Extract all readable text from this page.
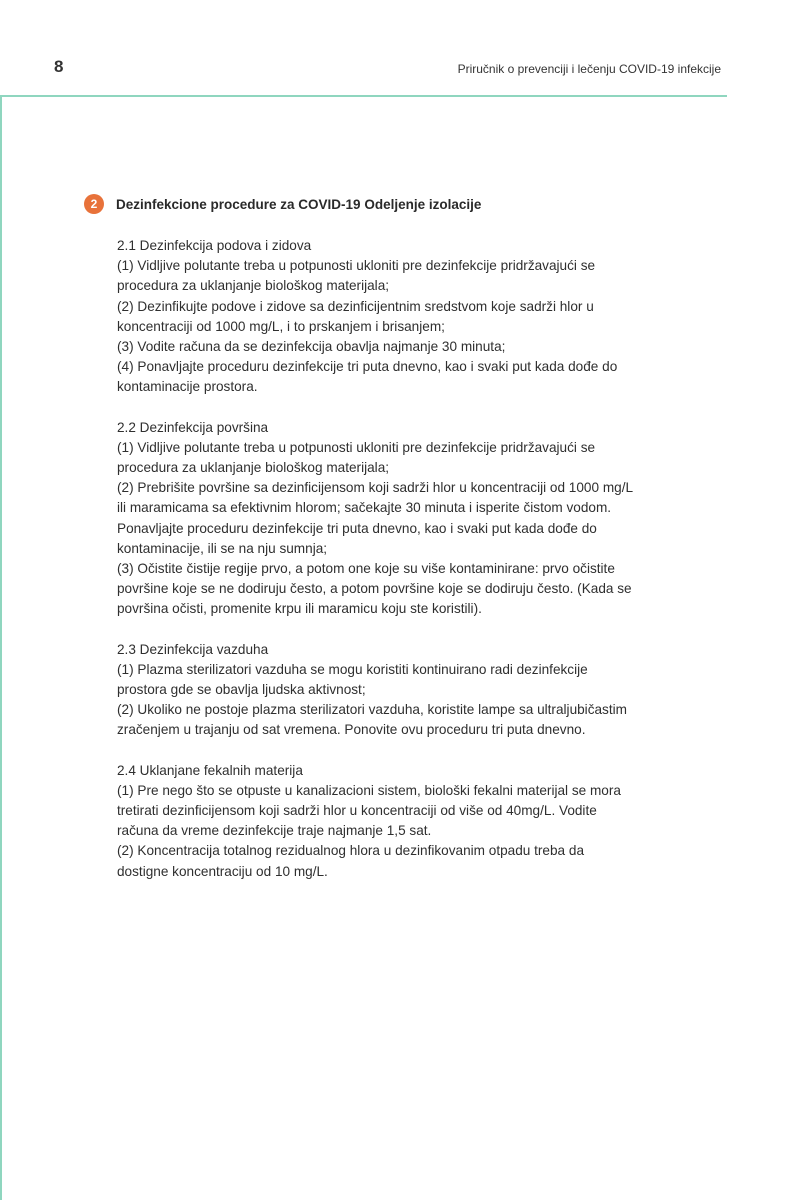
8	Priručnik o prevenciji i lečenju COVID-19 infekcije
2	Dezinfekcione procedure za COVID-19 Odeljenje izolacije
2.1 Dezinfekcija podova i zidova
(1) Vidljive polutante treba u potpunosti ukloniti pre dezinfekcije pridržavajući se
procedura za uklanjanje biološkog materijala;
(2) Dezinfikujte podove i zidove sa dezinficijentnim sredstvom koje sadrži hlor u
koncentraciji od 1000 mg/L, i to prskanjem i brisanjem;
(3) Vodite računa da se dezinfekcija obavlja najmanje 30 minuta;
(4) Ponavljajte proceduru dezinfekcije tri puta dnevno, kao i svaki put kada dođe do
kontaminacije prostora.
2.2 Dezinfekcija površina
(1) Vidljive polutante treba u potpunosti ukloniti pre dezinfekcije pridržavajući se
procedura za uklanjanje biološkog materijala;
(2) Prebrišite površine sa dezinficijensom koji sadrži hlor u koncentraciji od 1000 mg/L
ili maramicama sa efektivnim hlorom; sačekajte 30 minuta i isperite čistom vodom.
Ponavljajte proceduru dezinfekcije tri puta dnevno, kao i svaki put kada dođe do
kontaminacije, ili se na nju sumnja;
(3) Očistite čistije regije prvo, a potom one koje su više kontaminirane: prvo očistite
površine koje se ne dodiruju često, a potom površine koje se dodiruju često. (Kada se
površina očisti, promenite krpu ili maramicu koju ste koristili).
2.3 Dezinfekcija vazduha
(1) Plazma sterilizatori vazduha se mogu koristiti kontinuirano radi dezinfekcije
prostora gde se obavlja ljudska aktivnost;
(2) Ukoliko ne postoje plazma sterilizatori vazduha, koristite lampe sa ultraljubičastim
zračenjem u trajanju od sat vremena. Ponovite ovu proceduru tri puta dnevno.
2.4 Uklanjane fekalnih materija
(1) Pre nego što se otpuste u kanalizacioni sistem, biološki fekalni materijal se mora
tretirati dezinficijensom koji sadrži hlor u koncentraciji od više od 40mg/L. Vodite
računa da vreme dezinfekcije traje najmanje 1,5 sat.
(2) Koncentracija totalnog rezidualnog hlora u dezinfikovanim otpadu treba da
dostigne koncentraciju od 10 mg/L.
